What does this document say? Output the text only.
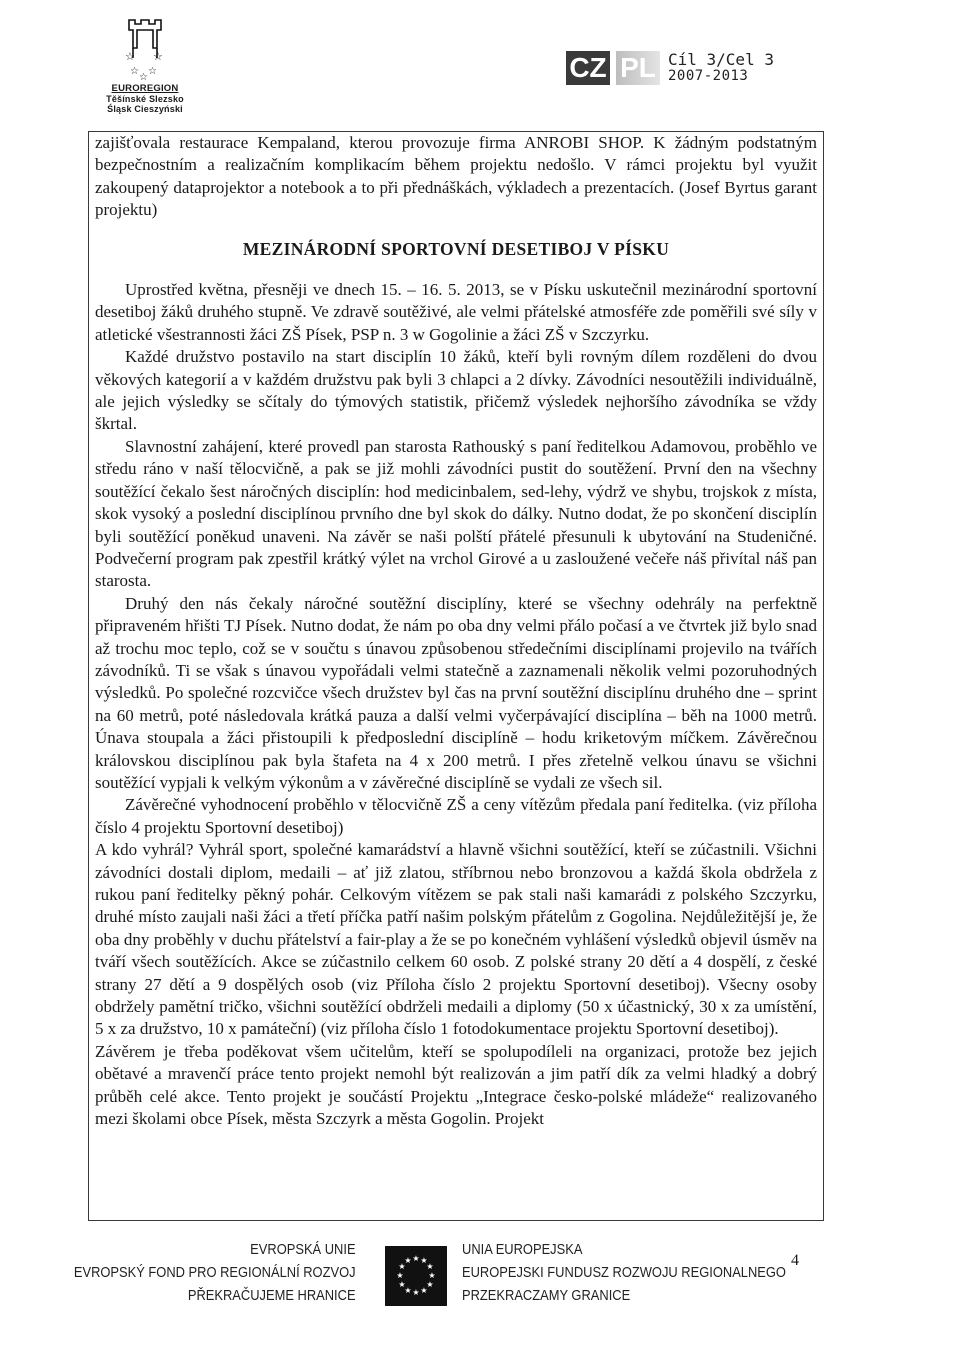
☆ ☆
☆ ☆
☆
EUROREGION
Těšínské Slezsko
Śląsk Cieszyński
CZ PL Cíl 3/Cel 3
2007-2013

zajišťovala restaurace Kempaland, kterou provozuje firma ANROBI SHOP. K žádným podstatným bezpečnostním a realizačním komplikacím během projektu nedošlo. V rámci projektu byl využit zakoupený dataprojektor a notebook a to při přednáškách, výkladech a prezentacích. (Josef Byrtus garant projektu)

MEZINÁRODNÍ SPORTOVNÍ DESETIBOJ V PÍSKU

Uprostřed května, přesněji ve dnech 15. – 16. 5. 2013, se v Písku uskutečnil mezinárodní sportovní desetiboj žáků druhého stupně. Ve zdravě soutěživé, ale velmi přátelské atmosféře zde poměřili své síly v atletické všestrannosti žáci ZŠ Písek, PSP n. 3 w Gogolinie a žáci ZŠ v Szczyrku.

Každé družstvo postavilo na start disciplín 10 žáků, kteří byli rovným dílem rozděleni do dvou věkových kategorií a v každém družstvu pak byli 3 chlapci a 2 dívky. Závodníci nesoutěžili individuálně, ale jejich výsledky se sčítaly do týmových statistik, přičemž výsledek nejhoršího závodníka se vždy škrtal.

Slavnostní zahájení, které provedl pan starosta Rathouský s paní ředitelkou Adamovou, proběhlo ve středu ráno v naší tělocvičně, a pak se již mohli závodníci pustit do soutěžení. První den na všechny soutěžící čekalo šest náročných disciplín: hod medicinbalem, sed-lehy, výdrž ve shybu, trojskok z místa, skok vysoký a poslední disciplínou prvního dne byl skok do dálky. Nutno dodat, že po skončení disciplín byli soutěžící poněkud unaveni. Na závěr se naši polští přátelé přesunuli k ubytování na Studeničné. Podvečerní program pak zpestřil krátký výlet na vrchol Girové a u zasloužené večeře náš přivítal náš pan starosta.

Druhý den nás čekaly náročné soutěžní disciplíny, které se všechny odehrály na perfektně připraveném hřišti TJ Písek. Nutno dodat, že nám po oba dny velmi přálo počasí a ve čtvrtek již bylo snad až trochu moc teplo, což se v součtu s únavou způsobenou středečními disciplínami projevilo na tvářích závodníků. Ti se však s únavou vypořádali velmi statečně a zaznamenali několik velmi pozoruhodných výsledků. Po společné rozcvičce všech družstev byl čas na první soutěžní disciplínu druhého dne – sprint na 60 metrů, poté následovala krátká pauza a další velmi vyčerpávající disciplína – běh na 1000 metrů. Únava stoupala a žáci přistoupili k předposlední disciplíně – hodu kriketovým míčkem. Závěrečnou královskou disciplínou pak byla štafeta na 4 x 200 metrů. I přes zřetelně velkou únavu se všichni soutěžící vypjali k velkým výkonům a v závěrečné disciplíně se vydali ze všech sil.

Závěrečné vyhodnocení proběhlo v tělocvičně ZŠ a ceny vítězům předala paní ředitelka. (viz příloha číslo 4 projektu Sportovní desetiboj)

A kdo vyhrál? Vyhrál sport, společné kamarádství a hlavně všichni soutěžící, kteří se zúčastnili. Všichni závodníci dostali diplom, medaili – ať již zlatou, stříbrnou nebo bronzovou a každá škola obdržela z rukou paní ředitelky pěkný pohár. Celkovým vítězem se pak stali naši kamarádi z polského Szczyrku, druhé místo zaujali naši žáci a třetí příčka patří našim polským přátelům z Gogolina. Nejdůležitější je, že oba dny proběhly v duchu přátelství a fair-play a že se po konečném vyhlášení výsledků objevil úsměv na tváří všech soutěžících. Akce se zúčastnilo celkem 60 osob. Z polské strany 20 dětí a 4 dospělí, z české strany 27 dětí a 9 dospělých osob (viz Příloha číslo 2 projektu Sportovní desetiboj). Všecny osoby obdržely pamětní tričko, všichni soutěžící obdrželi medaili a diplomy (50 x účastnický, 30 x za umístění, 5 x za družstvo, 10 x památeční) (viz příloha číslo 1 fotodokumentace projektu Sportovní desetiboj).

Závěrem je třeba poděkovat všem učitelům, kteří se spolupodíleli na organizaci, protože bez jejich obětavé a mravenčí práce tento projekt nemohl být realizován a jim patří dík za velmi hladký a dobrý průběh celé akce. Tento projekt je součástí Projektu „Integrace česko-polské mládeže“ realizovaného mezi školami obce Písek, města Szczyrk a města Gogolin. Projekt

EVROPSKÁ UNIE
EVROPSKÝ FOND PRO REGIONÁLNÍ ROZVOJ
PŘEKRAČUJEME HRANICE
★ ★
★
★
★
★
★
★
★
★
★
★
UNIA EUROPEJSKA
EUROPEJSKI FUNDUSZ ROZWOJU REGIONALNEGO
PRZEKRACZAMY GRANICE
4
